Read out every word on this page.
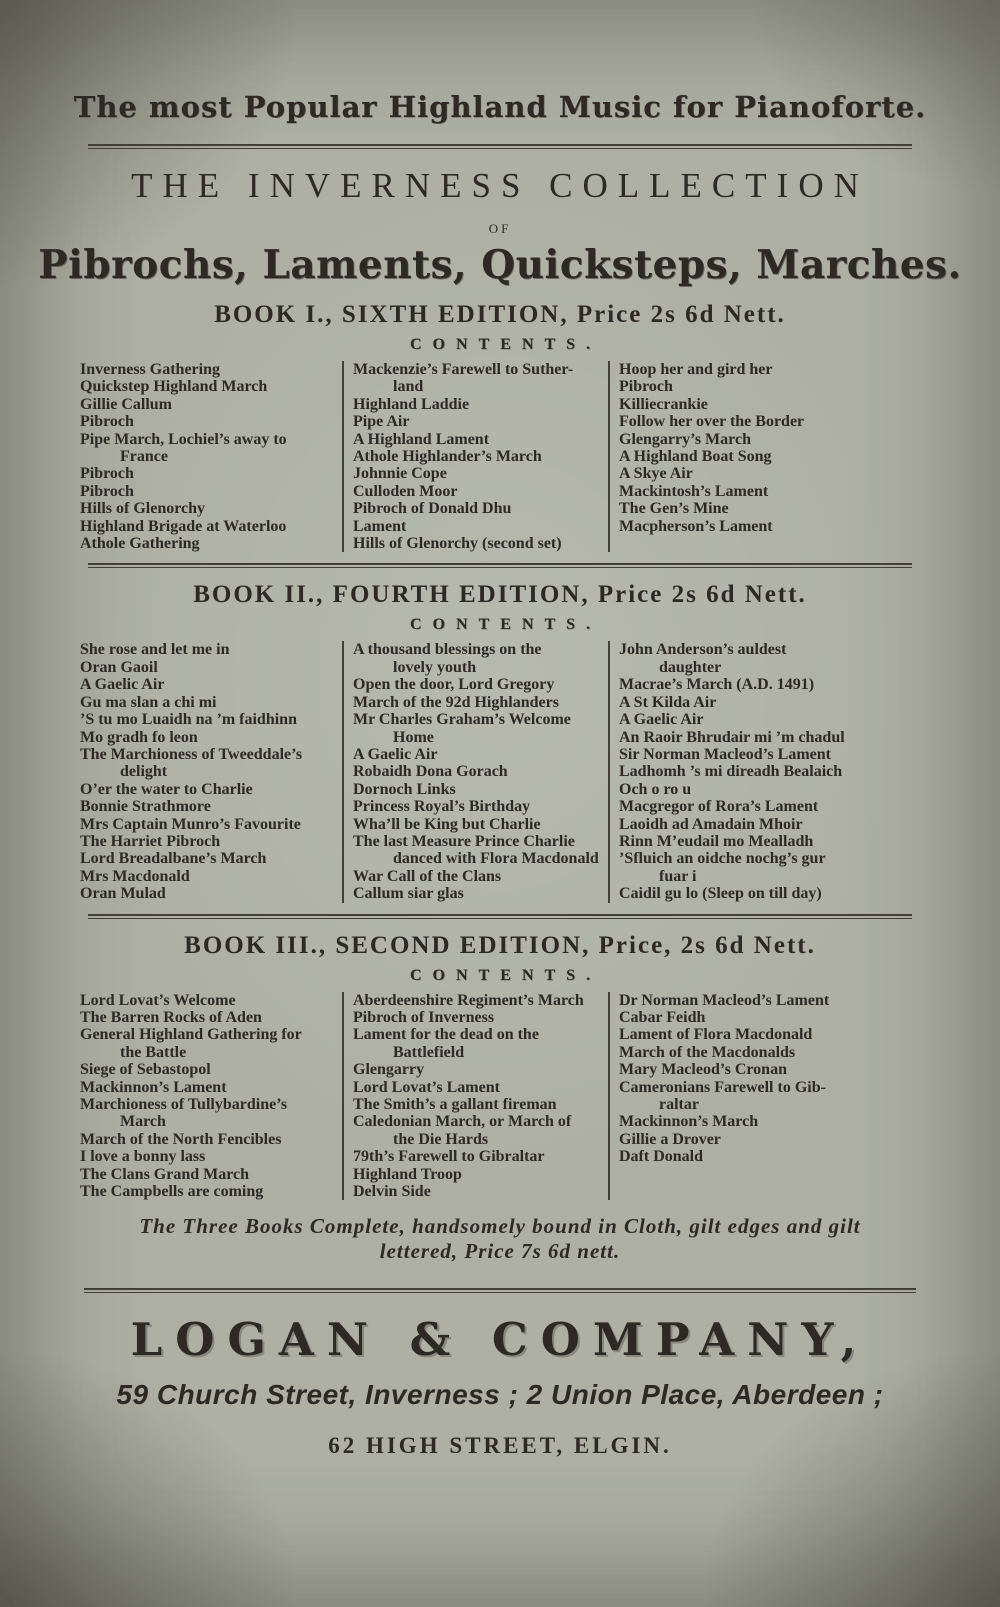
The most Popular Highland Music for Pianoforte.
THE INVERNESS COLLECTION
OF
Pibrochs, Laments, Quicksteps, Marches.
BOOK I., SIXTH EDITION, Price 2s 6d Nett.
CONTENTS.
Inverness Gathering
Quickstep Highland March
Gillie Callum
Pibroch
Pipe March, Lochiel’s away to
France
Pibroch
Pibroch
Hills of Glenorchy
Highland Brigade at Waterloo
Athole Gathering
Mackenzie’s Farewell to Suther-
land
Highland Laddie
Pipe Air
A Highland Lament
Athole Highlander’s March
Johnnie Cope
Culloden Moor
Pibroch of Donald Dhu
Lament
Hills of Glenorchy (second set)
Hoop her and gird her
Pibroch
Killiecrankie
Follow her over the Border
Glengarry’s March
A Highland Boat Song
A Skye Air
Mackintosh’s Lament
The Gen’s Mine
Macpherson’s Lament
BOOK II., FOURTH EDITION, Price 2s 6d Nett.
CONTENTS.
She rose and let me in
Oran Gaoil
A Gaelic Air
Gu ma slan a chi mi
’S tu mo Luaidh na ’m faidhinn
Mo gradh fo leon
The Marchioness of Tweeddale’s
delight
O’er the water to Charlie
Bonnie Strathmore
Mrs Captain Munro’s Favourite
The Harriet Pibroch
Lord Breadalbane’s March
Mrs Macdonald
Oran Mulad
A thousand blessings on the
lovely youth
Open the door, Lord Gregory
March of the 92d Highlanders
Mr Charles Graham’s Welcome
Home
A Gaelic Air
Robaidh Dona Gorach
Dornoch Links
Princess Royal’s Birthday
Wha’ll be King but Charlie
The last Measure Prince Charlie
danced with Flora Macdonald
War Call of the Clans
Callum siar glas
John Anderson’s auldest
daughter
Macrae’s March (A.D. 1491)
A St Kilda Air
A Gaelic Air
An Raoir Bhrudair mi ’m chadul
Sir Norman Macleod’s Lament
Ladhomh ’s mi direadh Bealaich
Och o ro u
Macgregor of Rora’s Lament
Laoidh ad Amadain Mhoir
Rinn M’eudail mo Mealladh
’Sfluich an oidche nochg’s gur
fuar i
Caidil gu lo (Sleep on till day)
BOOK III., SECOND EDITION, Price, 2s 6d Nett.
CONTENTS.
Lord Lovat’s Welcome
The Barren Rocks of Aden
General Highland Gathering for
the Battle
Siege of Sebastopol
Mackinnon’s Lament
Marchioness of Tullybardine’s
March
March of the North Fencibles
I love a bonny lass
The Clans Grand March
The Campbells are coming
Aberdeenshire Regiment’s March
Pibroch of Inverness
Lament for the dead on the
Battlefield
Glengarry
Lord Lovat’s Lament
The Smith’s a gallant fireman
Caledonian March, or March of
the Die Hards
79th’s Farewell to Gibraltar
Highland Troop
Delvin Side
Dr Norman Macleod’s Lament
Cabar Feidh
Lament of Flora Macdonald
March of the Macdonalds
Mary Macleod’s Cronan
Cameronians Farewell to Gib-
raltar
Mackinnon’s March
Gillie a Drover
Daft Donald
The Three Books Complete, handsomely bound in Cloth, gilt edges and gilt
lettered, Price 7s 6d nett.
LOGAN & COMPANY,
59 Church Street, Inverness ; 2 Union Place, Aberdeen ;
62 HIGH STREET, ELGIN.
